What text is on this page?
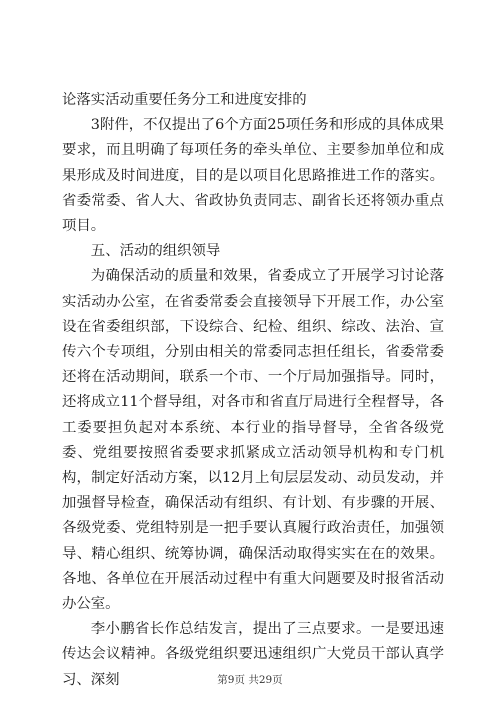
论落实活动重要任务分工和进度安排的

3附件，不仅提出了6个方面25项任务和形成的具体成果要求，而且明确了每项任务的牵头单位、主要参加单位和成果形成及时间进度，目的是以项目化思路推进工作的落实。省委常委、省人大、省政协负责同志、副省长还将领办重点项目。

五、活动的组织领导

为确保活动的质量和效果，省委成立了开展学习讨论落实活动办公室，在省委常委会直接领导下开展工作，办公室设在省委组织部，下设综合、纪检、组织、综改、法治、宣传六个专项组，分别由相关的常委同志担任组长，省委常委还将在活动期间，联系一个市、一个厅局加强指导。同时，还将成立11个督导组，对各市和省直厅局进行全程督导，各工委要担负起对本系统、本行业的指导督导，全省各级党委、党组要按照省委要求抓紧成立活动领导机构和专门机构，制定好活动方案，以12月上旬层层发动、动员发动，并加强督导检查，确保活动有组织、有计划、有步骤的开展、各级党委、党组特别是一把手要认真履行政治责任，加强领导、精心组织、统筹协调，确保活动取得实实在在的效果。各地、各单位在开展活动过程中有重大问题要及时报省活动办公室。

李小鹏省长作总结发言，提出了三点要求。一是要迅速传达会议精神。各级党组织要迅速组织广大党员干部认真学习、深刻	第9页 共29页
